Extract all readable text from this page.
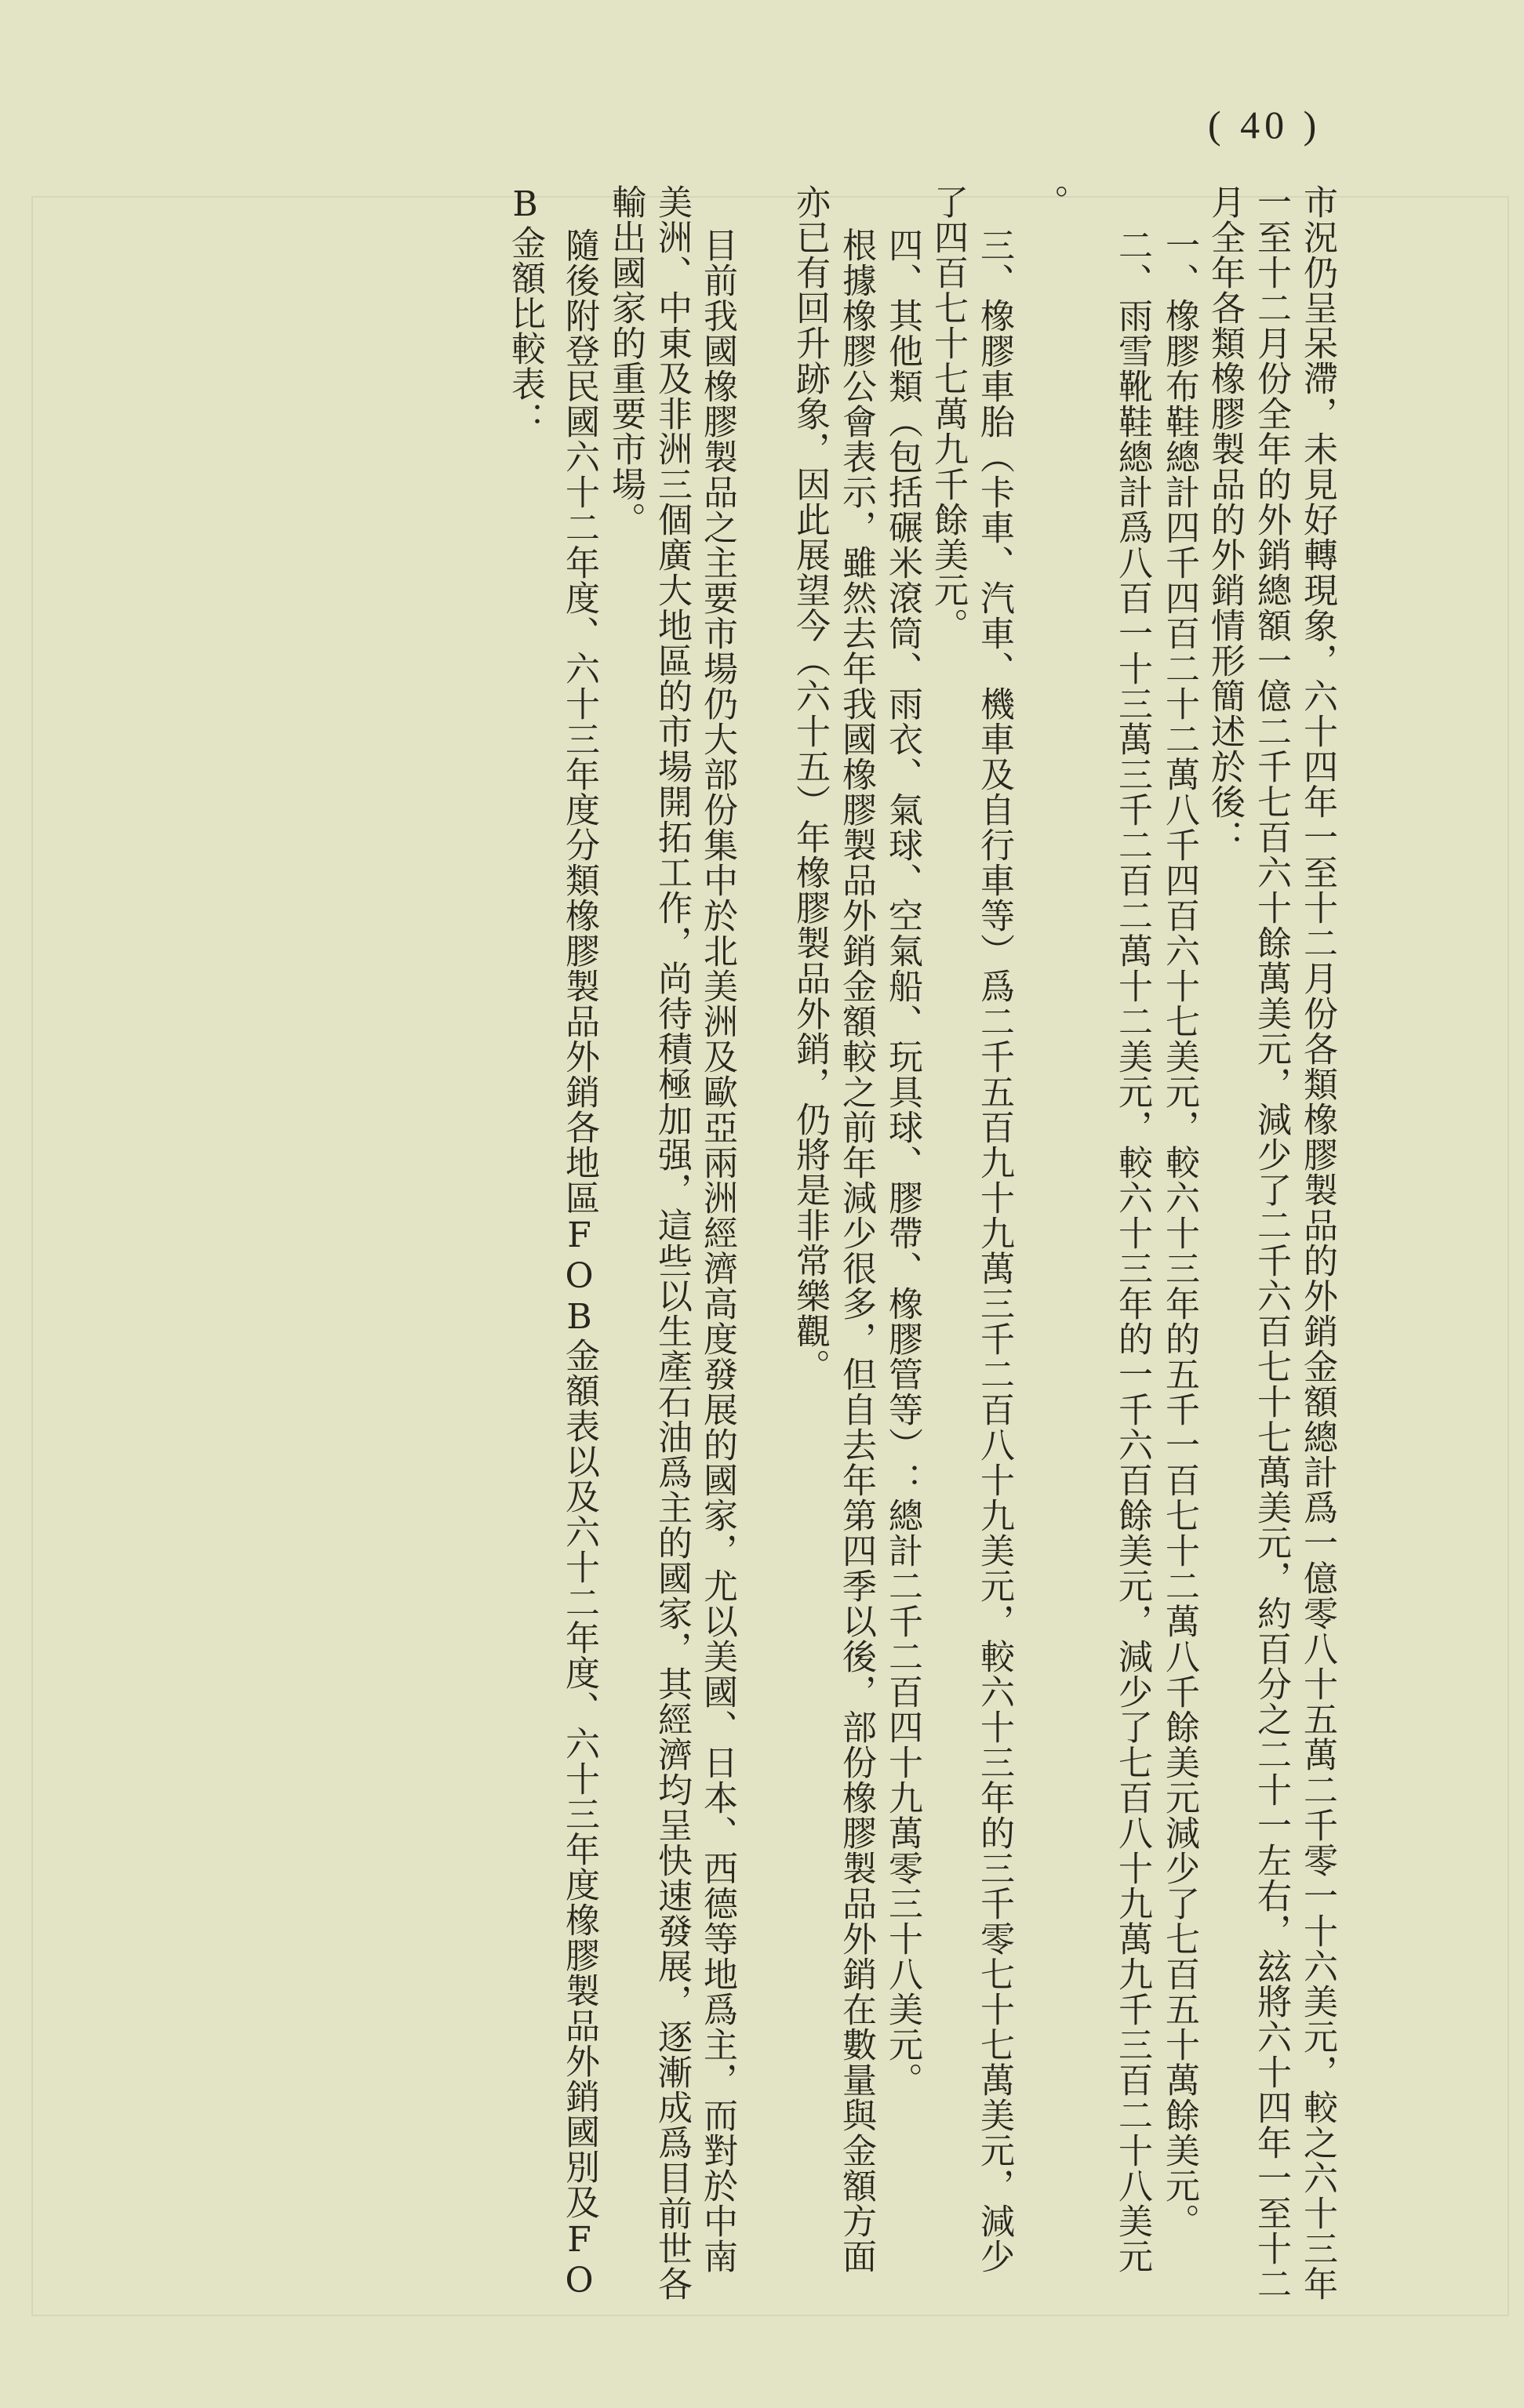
( 40 )
市況仍呈呆滯，未見好轉現象，六十四年一至十二月份各類橡膠製品的外銷金額總計爲一億零八十五萬二千零一十六美元，較之六十三年
一至十二月份全年的外銷總額一億二千七百六十餘萬美元，減少了二千六百七十七萬美元，約百分之二十一左右，玆將六十四年一至十二
月全年各類橡膠製品的外銷情形簡述於後：
一、橡膠布鞋總計四千四百二十二萬八千四百六十七美元，較六十三年的五千一百七十二萬八千餘美元減少了七百五十萬餘美元。
二、雨雪靴鞋總計爲八百一十三萬三千二百二萬十二美元，較六十三年的一千六百餘美元，減少了七百八十九萬九千三百二十八美元
。
三、橡膠車胎（卡車、汽車、機車及自行車等）爲二千五百九十九萬三千二百八十九美元，較六十三年的三千零七十七萬美元，減少
了四百七十七萬九千餘美元。
四、其他類（包括碾米滾筒、雨衣、氣球、空氣船、玩具球、膠帶、橡膠管等）：總計二千二百四十九萬零三十八美元。
根據橡膠公會表示，雖然去年我國橡膠製品外銷金額較之前年減少很多，但自去年第四季以後，部份橡膠製品外銷在數量與金額方面
亦已有回升跡象，因此展望今（六十五）年橡膠製品外銷，仍將是非常樂觀。
目前我國橡膠製品之主要市場仍大部份集中於北美洲及歐亞兩洲經濟高度發展的國家，尤以美國、日本、西德等地爲主，而對於中南
美洲、中東及非洲三個廣大地區的市場開拓工作，尚待積極加强，這些以生產石油爲主的國家，其經濟均呈快速發展，逐漸成爲目前世各
輸出國家的重要市場。
隨後附登民國六十二年度、六十三年度分類橡膠製品外銷各地區FOB金額表以及六十二年度、六十三年度橡膠製品外銷國別及FO
B金額比較表：
